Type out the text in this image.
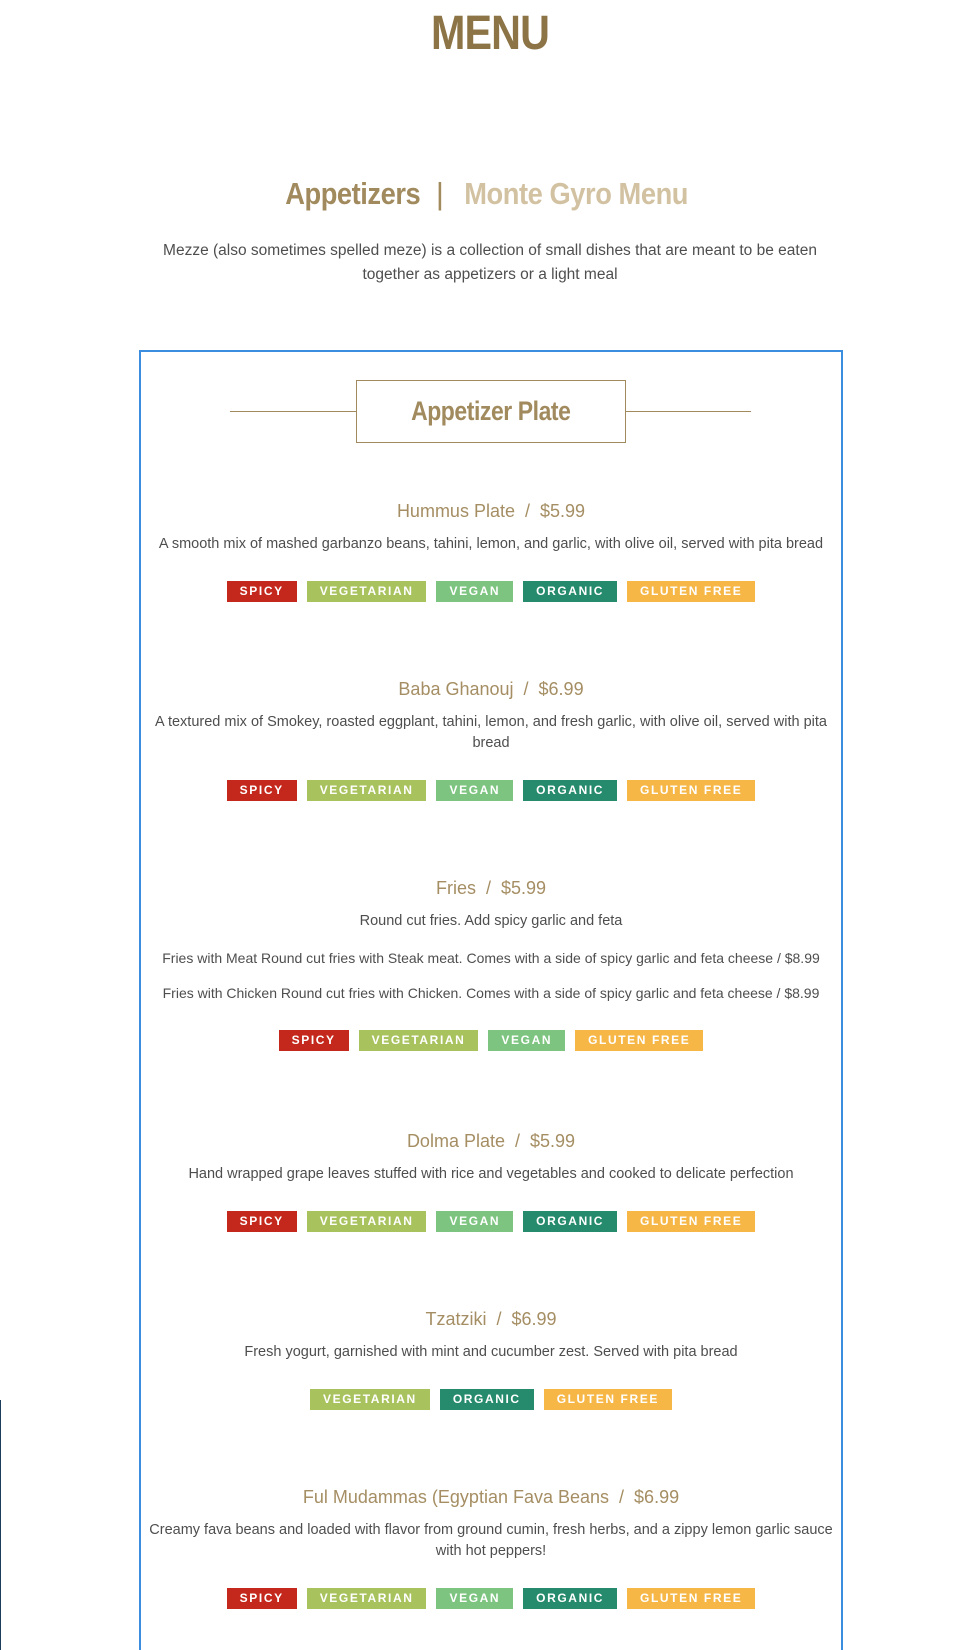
MENU
Appetizers | Monte Gyro Menu
Mezze (also sometimes spelled meze) is a collection of small dishes that are meant to be eaten together as appetizers or a light meal
Appetizer Plate
Hummus Plate / $5.99
A smooth mix of mashed garbanzo beans, tahini, lemon, and garlic, with olive oil, served with pita bread
SPICY	VEGETARIAN	VEGAN	ORGANIC	GLUTEN FREE
Baba Ghanouj / $6.99
A textured mix of Smokey, roasted eggplant, tahini, lemon, and fresh garlic, with olive oil, served with pita bread
SPICY	VEGETARIAN	VEGAN	ORGANIC	GLUTEN FREE
Fries / $5.99
Round cut fries. Add spicy garlic and feta
Fries with Meat Round cut fries with Steak meat. Comes with a side of spicy garlic and feta cheese / $8.99
Fries with Chicken Round cut fries with Chicken. Comes with a side of spicy garlic and feta cheese / $8.99
SPICY	VEGETARIAN	VEGAN	GLUTEN FREE
Dolma Plate / $5.99
Hand wrapped grape leaves stuffed with rice and vegetables and cooked to delicate perfection
SPICY	VEGETARIAN	VEGAN	ORGANIC	GLUTEN FREE
Tzatziki / $6.99
Fresh yogurt, garnished with mint and cucumber zest. Served with pita bread
VEGETARIAN	ORGANIC	GLUTEN FREE
Ful Mudammas (Egyptian Fava Beans / $6.99
Creamy fava beans and loaded with flavor from ground cumin, fresh herbs, and a zippy lemon garlic sauce with hot peppers!
SPICY	VEGETARIAN	VEGAN	ORGANIC	GLUTEN FREE
